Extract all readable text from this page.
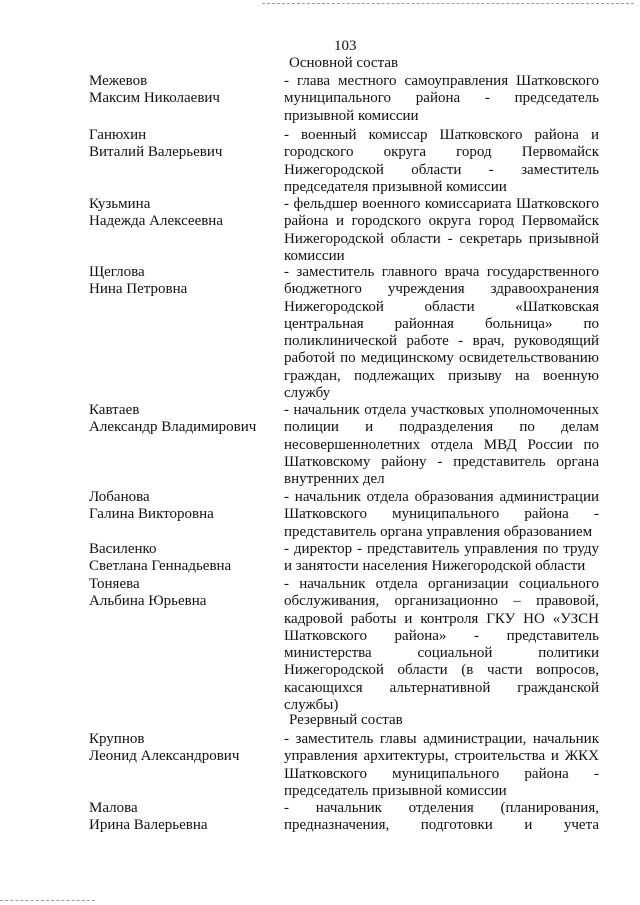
103
Основной состав
Межевов
Максим Николаевич
- глава местного самоуправления Шатковского муниципального района - председатель призывной комиссии
Ганюхин
Виталий Валерьевич
- военный комиссар Шатковского района и городского округа город Первомайск Нижегородской области - заместитель председателя призывной комиссии
Кузьмина
Надежда Алексеевна
- фельдшер военного комиссариата Шатковского района и городского округа город Первомайск Нижегородской области - секретарь призывной комиссии
Щеглова
Нина Петровна
- заместитель главного врача государственного бюджетного учреждения здравоохранения Нижегородской области «Шатковская центральная районная больница» по поликлинической работе - врач, руководящий работой по медицинскому освидетельствованию граждан, подлежащих призыву на военную службу
Кавтаев
Александр Владимирович
- начальник отдела участковых уполномоченных полиции и подразделения по делам несовершеннолетних отдела МВД России по Шатковскому району - представитель органа внутренних дел
Лобанова
Галина Викторовна
- начальник отдела образования администрации Шатковского муниципального района - представитель органа управления образованием
Василенко
Светлана Геннадьевна
- директор - представитель управления по труду и занятости населения Нижегородской области
Тоняева
Альбина Юрьевна
- начальник отдела организации социального обслуживания, организационно – правовой, кадровой работы и контроля ГКУ НО «УЗСН Шатковского района» - представитель министерства социальной политики Нижегородской области (в части вопросов, касающихся альтернативной гражданской службы)
Резервный состав
Крупнов
Леонид Александрович
- заместитель главы администрации, начальник управления архитектуры, строительства и ЖКХ Шатковского муниципального района - председатель призывной комиссии
Малова
Ирина Валерьевна
- начальник отделения (планирования, предназначения, подготовки и учета
